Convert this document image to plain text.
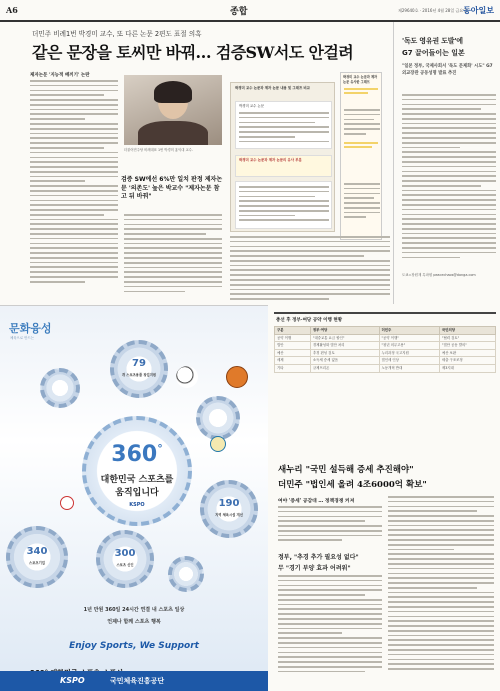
A6	종합	제29640호 · 2016년 4월 28일 금요일
동아일보
더민주 비례1번 박경미 교수, 또 다른 논문 2편도 표절 의혹
같은 문장을 토씨만 바꿔… 검증SW서도 안걸려
제자논문 '지능적 베끼기' 논란
더불어민주당 비례대표 1번 박경미 홍익대 교수.
검증 SW에선 6%만 일치 판정 제자논문 '의존도' 높은 박교수 "제자논문 참고 뒤 바꿔"
박경미 교수 논문과 제자 논문 내용 및 그래프 비교
박경미 교수 논문
박경미 교수 논문과 제자 논문의 유사 부분
박경미 교수 논문과 제자 논문 유사한 그래프
'독도 영유권 도발'에
G7 끌어들이는 일본
"일본 정부, 국제사회서 '독도 문제화' 시도" G7 외교장관 공동성명 발표 추진
도쿄=장원재 특파원 peacechaos@donga.com
문화융성
체육으로 만드는
79
개 스포츠용품 창업지원
190
지역 체육시설 개선
340
스포츠기업
300
스포츠 신인
360°
대한민국 스포츠를
움직입니다
KSPO
1년 만원 360일 24시간 연결 내 스포츠 일상
언제나 함께 스포츠 행복
Enjoy Sports, We Support
KSPO	국민체육진흥공단
총선 후 정부·여당 공약 이행 현황
구분	정부·여당	더민주	국민의당
공약 이행	"대중교통 요금 할인"	"공약 이행"	"협력 검토"
법안	경제활성화 법안 처리	"청년 의무고용"	"법안 공동 발의"
예산	추경 편성 검토	누리과정 국고지원	예산 보완
세제	소득세 증세 없음	법인세 인상	세출 구조조정
기타	규제프리존	노동개혁 반대	제3지대
새누리 "국민 설득해 증세 추진해야"
더민주 "법인세 올려 4조6000억 확보"
여야 '증세' 공감대 … 정책경쟁 커져
정부, "추경 추가 필요성 없다"
무 "경기 부양 효과 어려워"
